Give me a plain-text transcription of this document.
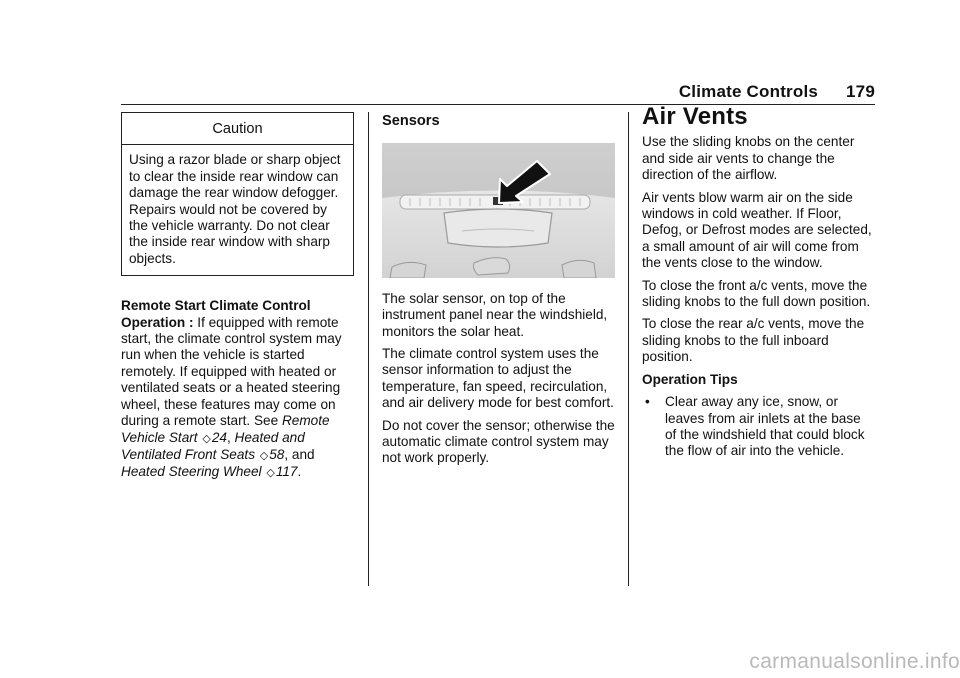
Climate Controls 179
Caution
Using a razor blade or sharp object to clear the inside rear window can damage the rear window defogger. Repairs would not be covered by the vehicle warranty. Do not clear the inside rear window with sharp objects.

Remote Start Climate Control Operation : If equipped with remote start, the climate control system may run when the vehicle is started remotely. If equipped with heated or ventilated seats or a heated steering wheel, these features may come on during a remote start. See Remote Vehicle Start ◇24, Heated and Ventilated Front Seats ◇58, and Heated Steering Wheel ◇117.

Sensors

The solar sensor, on top of the instrument panel near the windshield, monitors the solar heat.

The climate control system uses the sensor information to adjust the temperature, fan speed, recirculation, and air delivery mode for best comfort.

Do not cover the sensor; otherwise the automatic climate control system may not work properly.

Air Vents

Use the sliding knobs on the center and side air vents to change the direction of the airflow.

Air vents blow warm air on the side windows in cold weather. If Floor, Defog, or Defrost modes are selected, a small amount of air will come from the vents close to the window.

To close the front a/c vents, move the sliding knobs to the full down position.

To close the rear a/c vents, move the sliding knobs to the full inboard position.

Operation Tips

•	Clear away any ice, snow, or leaves from air inlets at the base of the windshield that could block the flow of air into the vehicle.
carmanualsonline.info
